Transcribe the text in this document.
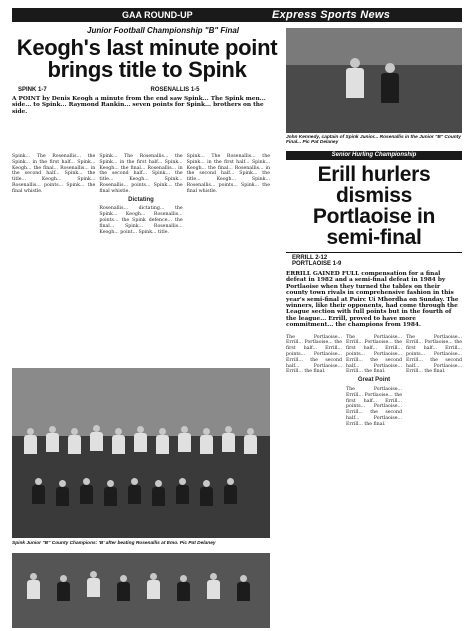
GAA ROUND-UP	Express Sports News
Junior Football Championship "B" Final
Keogh's last minute point brings title to Spink
SPINK 1-7	ROSENALLIS 1-5
A POINT by Denis Keogh a minute from the end saw Spink... The Spink men... side... to Spink... Raymond Rankin... seven points for Spink... brothers on the side.
Spink... The Rosenallis... the Spink... in the first half... Spink... Keogh... the final... Rosenallis... in the second half... Spink... the title... Keogh... Spink... Rosenallis... points... Spink... the final whistle.
Spink... The Rosenallis... the Spink... in the first half... Spink... Keogh... the final... Rosenallis... in the second half... Spink... the title... Keogh... Spink... Rosenallis... points... Spink... the final whistle.
Dictating
Rosenallis... dictating... the Spink... Keogh... Rosenallis... points... the Spink defence... the final... Spink... Rosenallis... Keogh... point... Spink... title.
Spink... The Rosenallis... the Spink... in the first half... Spink... Keogh... the final... Rosenallis... in the second half... Spink... the title... Keogh... Spink... Rosenallis... points... Spink... the final whistle.
Spink Junior "B" County Champions: 'B' after beating Rosenallis at Emo. Pic Pat Delaney
John Kennedy, captain of Spink Junior... Rosenallis in the Junior "B" County Final... Pic Pat Delaney
Senior Hurling Championship
Erill hurlers dismiss Portlaoise in semi-final
ERRILL 2-12
PORTLAOISE 1-9
ERRILL GAINED FULL compensation for a final defeat in 1982 and a semi-final defeat in 1984 by Portlaoise when they turned the tables on their county town rivals in comprehensive fashion in this year's semi-final at Pairc Ui Mhordha on Sunday. The winners, like their opponents, had come through the League section with full points but in the fourth of the league... Errill, proved to have more commitment... the champions from 1984.
The Portlaoise... Errill... Portlaoise... the first half... Errill... points... Portlaoise... Errill... the second half... Portlaoise... Errill... the final.
The Portlaoise... Errill... Portlaoise... the first half... Errill... points... Portlaoise... Errill... the second half... Portlaoise... Errill... the final.
Great Point
The Portlaoise... Errill... Portlaoise... the first half... Errill... points... Portlaoise... Errill... the second half... Portlaoise... Errill... the final.
The Portlaoise... Errill... Portlaoise... the first half... Errill... points... Portlaoise... Errill... the second half... Portlaoise... Errill... the final.
